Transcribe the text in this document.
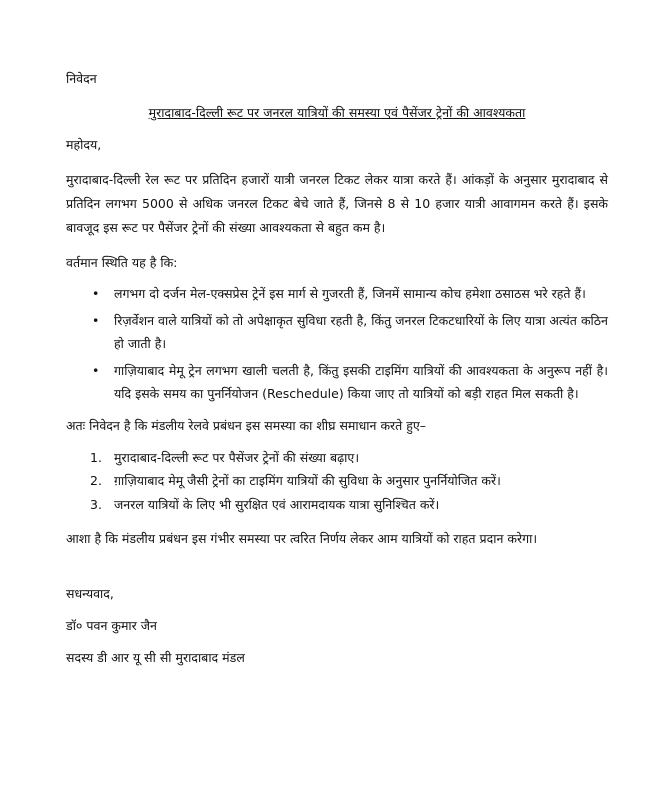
निवेदन

मुरादाबाद-दिल्ली रूट पर जनरल यात्रियों की समस्या एवं पैसेंजर ट्रेनों की आवश्यकता

महोदय,

मुरादाबाद-दिल्ली रेल रूट पर प्रतिदिन हजारों यात्री जनरल टिकट लेकर यात्रा करते हैं। आंकड़ों के अनुसार मुरादाबाद से प्रतिदिन लगभग 5000 से अधिक जनरल टिकट बेचे जाते हैं, जिनसे 8 से 10 हजार यात्री आवागमन करते हैं। इसके बावजूद इस रूट पर पैसेंजर ट्रेनों की संख्या आवश्यकता से बहुत कम है।

वर्तमान स्थिति यह है कि:

• लगभग दो दर्जन मेल-एक्सप्रेस ट्रेनें इस मार्ग से गुजरती हैं, जिनमें सामान्य कोच हमेशा ठसाठस भरे रहते हैं।
• रिज़र्वेशन वाले यात्रियों को तो अपेक्षाकृत सुविधा रहती है, किंतु जनरल टिकटधारियों के लिए यात्रा अत्यंत कठिन हो जाती है।
• गाज़ियाबाद मेमू ट्रेन लगभग खाली चलती है, किंतु इसकी टाइमिंग यात्रियों की आवश्यकता के अनुरूप नहीं है। यदि इसके समय का पुनर्नियोजन (Reschedule) किया जाए तो यात्रियों को बड़ी राहत मिल सकती है।

अतः निवेदन है कि मंडलीय रेलवे प्रबंधन इस समस्या का शीघ्र समाधान करते हुए–

1. मुरादाबाद-दिल्ली रूट पर पैसेंजर ट्रेनों की संख्या बढ़ाए।
2. ग़ाज़ियाबाद मेमू जैसी ट्रेनों का टाइमिंग यात्रियों की सुविधा के अनुसार पुनर्नियोजित करें।
3. जनरल यात्रियों के लिए भी सुरक्षित एवं आरामदायक यात्रा सुनिश्चित करें।

आशा है कि मंडलीय प्रबंधन इस गंभीर समस्या पर त्वरित निर्णय लेकर आम यात्रियों को राहत प्रदान करेगा।

सधन्यवाद,

डॉ० पवन कुमार जैन

सदस्य डी आर यू सी सी मुरादाबाद मंडल
